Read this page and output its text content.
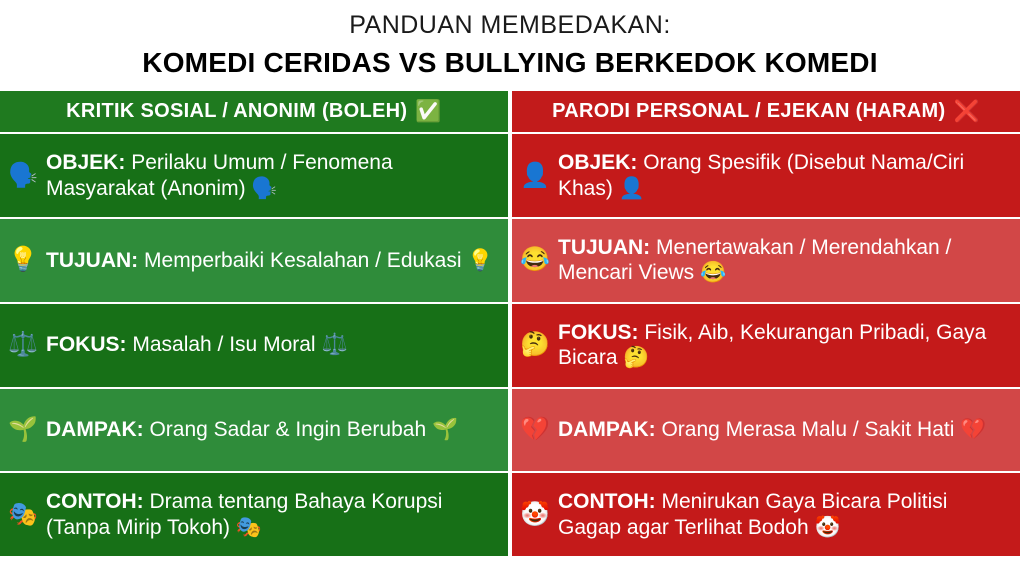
PANDUAN MEMBEDAKAN:
KOMEDI CERIDAS VS BULLYING BERKEDOK KOMEDI
KRITIK SOSIAL / ANONIM (BOLEH) ✅
🗣️ OBJEK: Perilaku Umum / Fenomena Masyarakat (Anonim) 🗣️
💡 TUJUAN: Memperbaiki Kesalahan / Edukasi 💡
⚖️ FOKUS: Masalah / Isu Moral ⚖️
🌱 DAMPAK: Orang Sadar & Ingin Berubah 🌱
🎭 CONTOH: Drama tentang Bahaya Korupsi (Tanpa Mirip Tokoh) 🎭
PARODI PERSONAL / EJEKAN (HARAM) ❌
👤 OBJEK: Orang Spesifik (Disebut Nama/Ciri Khas) 👤
😂 TUJUAN: Menertawakan / Merendahkan / Mencari Views 😂
🤔 FOKUS: Fisik, Aib, Kekurangan Pribadi, Gaya Bicara 🤔
💔 DAMPAK: Orang Merasa Malu / Sakit Hati 💔
🤡 CONTOH: Menirukan Gaya Bicara Politisi Gagap agar Terlihat Bodoh 🤡
